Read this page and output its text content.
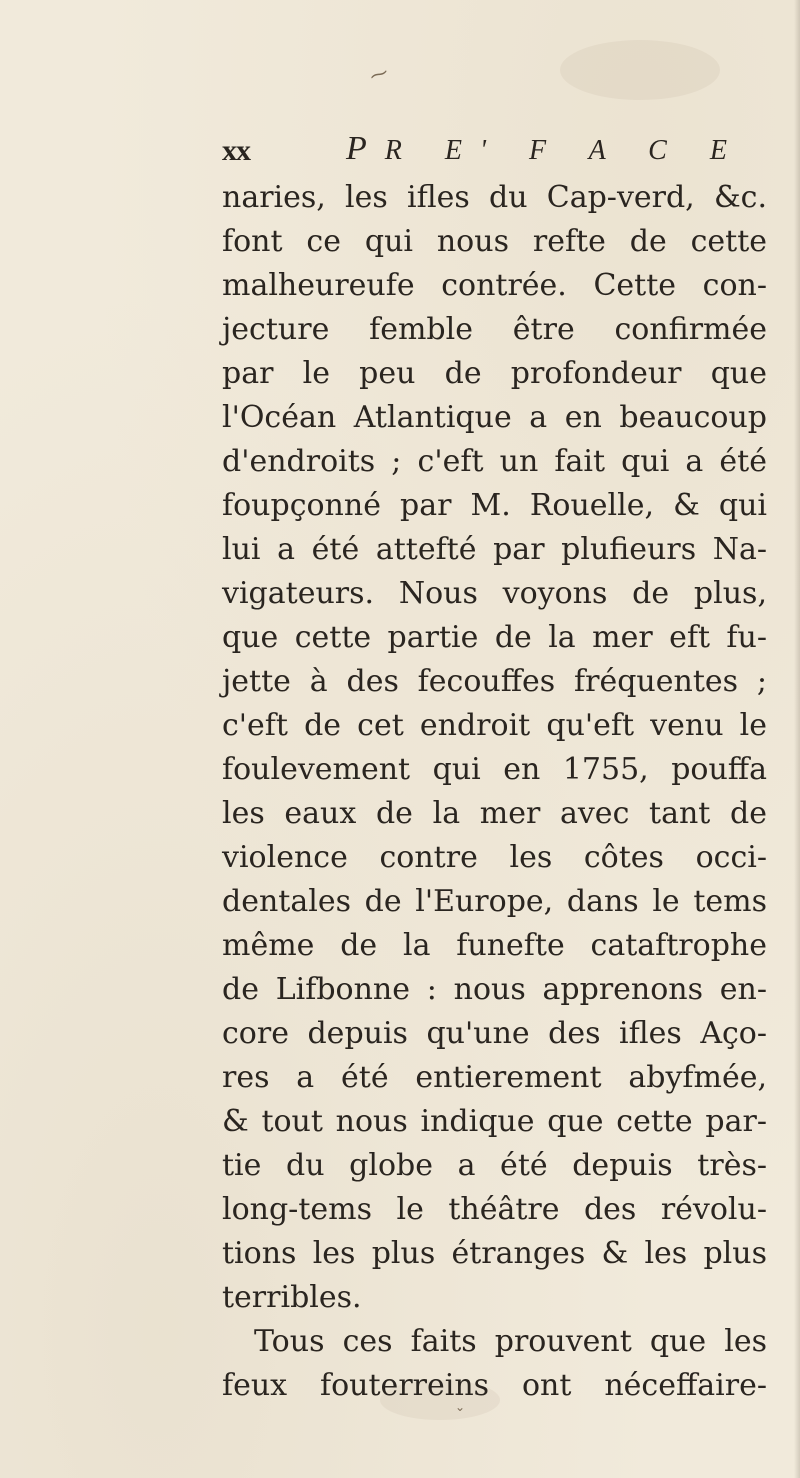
⁓
⌄
xx	PR E' F A C E
naries, les ifles du Cap-verd, &c.
font ce qui nous refte de cette
malheureufe contrée. Cette con-
jecture femble être confirmée
par le peu de profondeur que
l'Océan Atlantique a en beaucoup
d'endroits ; c'eft un fait qui a été
foupçonné par M. Rouelle, & qui
lui a été attefté par plufieurs Na-
vigateurs. Nous voyons de plus,
que cette partie de la mer eft fu-
jette à des fecouffes fréquentes ;
c'eft de cet endroit qu'eft venu le
foulevement qui en 1755, pouffa
les eaux de la mer avec tant de
violence contre les côtes occi-
dentales de l'Europe, dans le tems
même de la funefte cataftrophe
de Lifbonne : nous apprenons en-
core depuis qu'une des ifles Aço-
res a été entierement abyfmée,
& tout nous indique que cette par-
tie du globe a été depuis très-
long-tems le théâtre des révolu-
tions les plus étranges & les plus
terribles.
Tous ces faits prouvent que les
feux fouterreins ont néceffaire-
